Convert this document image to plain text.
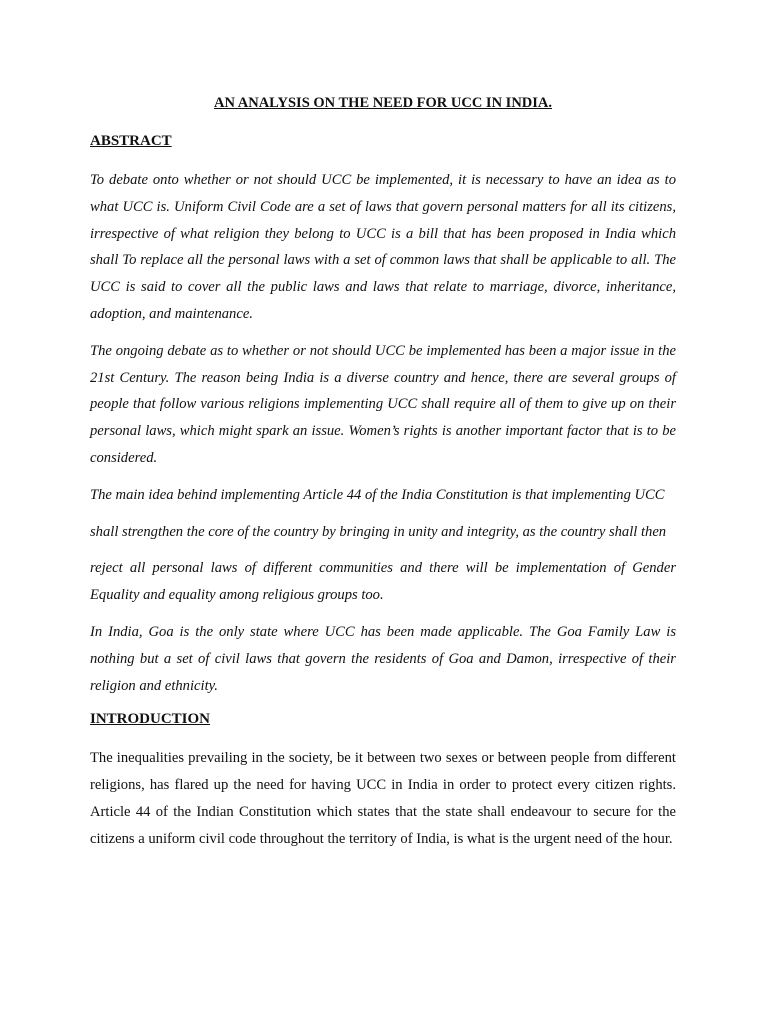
AN ANALYSIS ON THE NEED FOR UCC IN INDIA.
ABSTRACT

To debate onto whether or not should UCC be implemented, it is necessary to have an idea as to what UCC is. Uniform Civil Code are a set of laws that govern personal matters for all its citizens, irrespective of what religion they belong to UCC is a bill that has been proposed in India which shall To replace all the personal laws with a set of common laws that shall be applicable to all. The UCC is said to cover all the public laws and laws that relate to marriage, divorce, inheritance, adoption, and maintenance.

The ongoing debate as to whether or not should UCC be implemented has been a major issue in the 21st Century. The reason being India is a diverse country and hence, there are several groups of people that follow various religions implementing UCC shall require all of them to give up on their personal laws, which might spark an issue. Women’s rights is another important factor that is to be considered.

The main idea behind implementing Article 44 of the India Constitution is that implementing UCC

shall strengthen the core of the country by bringing in unity and integrity, as the country shall then

reject all personal laws of different communities and there will be implementation of Gender Equality and equality among religious groups too.

In India, Goa is the only state where UCC has been made applicable. The Goa Family Law is nothing but a set of civil laws that govern the residents of Goa and Damon, irrespective of their religion and ethnicity.

INTRODUCTION

The inequalities prevailing in the society, be it between two sexes or between people from different religions, has flared up the need for having UCC in India in order to protect every citizen rights. Article 44 of the Indian Constitution which states that the state shall endeavour to secure for the citizens a uniform civil code throughout the territory of India, is what is the urgent need of the hour.
